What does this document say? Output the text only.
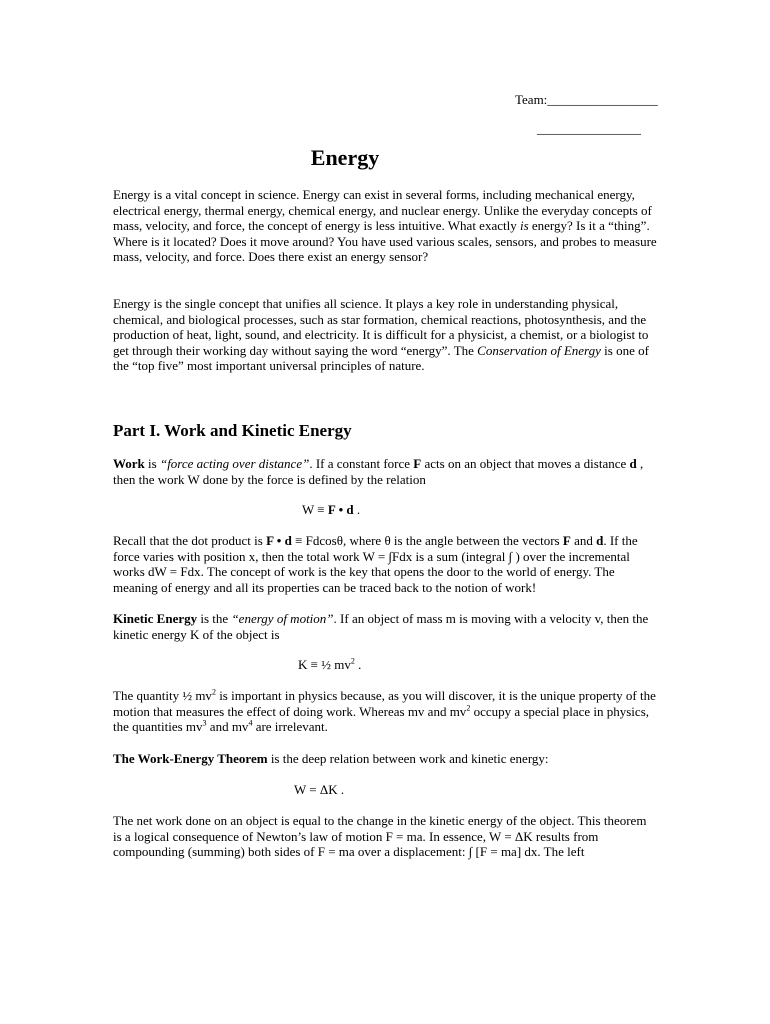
Team:_________________
________________
Energy

Energy is a vital concept in science. Energy can exist in several forms, including mechanical energy, electrical energy, thermal energy, chemical energy, and nuclear energy. Unlike the everyday concepts of mass, velocity, and force, the concept of energy is less intuitive. What exactly is energy? Is it a “thing”. Where is it located? Does it move around? You have used various scales, sensors, and probes to measure mass, velocity, and force. Does there exist an energy sensor?

Energy is the single concept that unifies all science. It plays a key role in understanding physical, chemical, and biological processes, such as star formation, chemical reactions, photosynthesis, and the production of heat, light, sound, and electricity. It is difficult for a physicist, a chemist, or a biologist to get through their working day without saying the word “energy”. The Conservation of Energy is one of the “top five” most important universal principles of nature.

Part I. Work and Kinetic Energy

Work is “force acting over distance”. If a constant force F acts on an object that moves a distance d , then the work W done by the force is defined by the relation

W ≡ F • d .

Recall that the dot product is F • d ≡ Fdcosθ, where θ is the angle between the vectors F and d. If the force varies with position x, then the total work W = ∫Fdx is a sum (integral ∫ ) over the incremental works dW = Fdx. The concept of work is the key that opens the door to the world of energy. The meaning of energy and all its properties can be traced back to the notion of work!

Kinetic Energy is the “energy of motion”. If an object of mass m is moving with a velocity v, then the kinetic energy K of the object is

K ≡ ½ $mv^2$ .

The quantity ½ $mv^2$ is important in physics because, as you will discover, it is the unique property of the motion that measures the effect of doing work. Whereas mv and $mv^2$ occupy a special place in physics, the quantities $mv^3$ and $mv^4$ are irrelevant.

The Work-Energy Theorem is the deep relation between work and kinetic energy:

W = ΔK .

The net work done on an object is equal to the change in the kinetic energy of the object. This theorem is a logical consequence of Newton’s law of motion F = ma. In essence, W = ΔK results from compounding (summing) both sides of F = ma over a displacement: ∫ [F = ma] dx. The left
